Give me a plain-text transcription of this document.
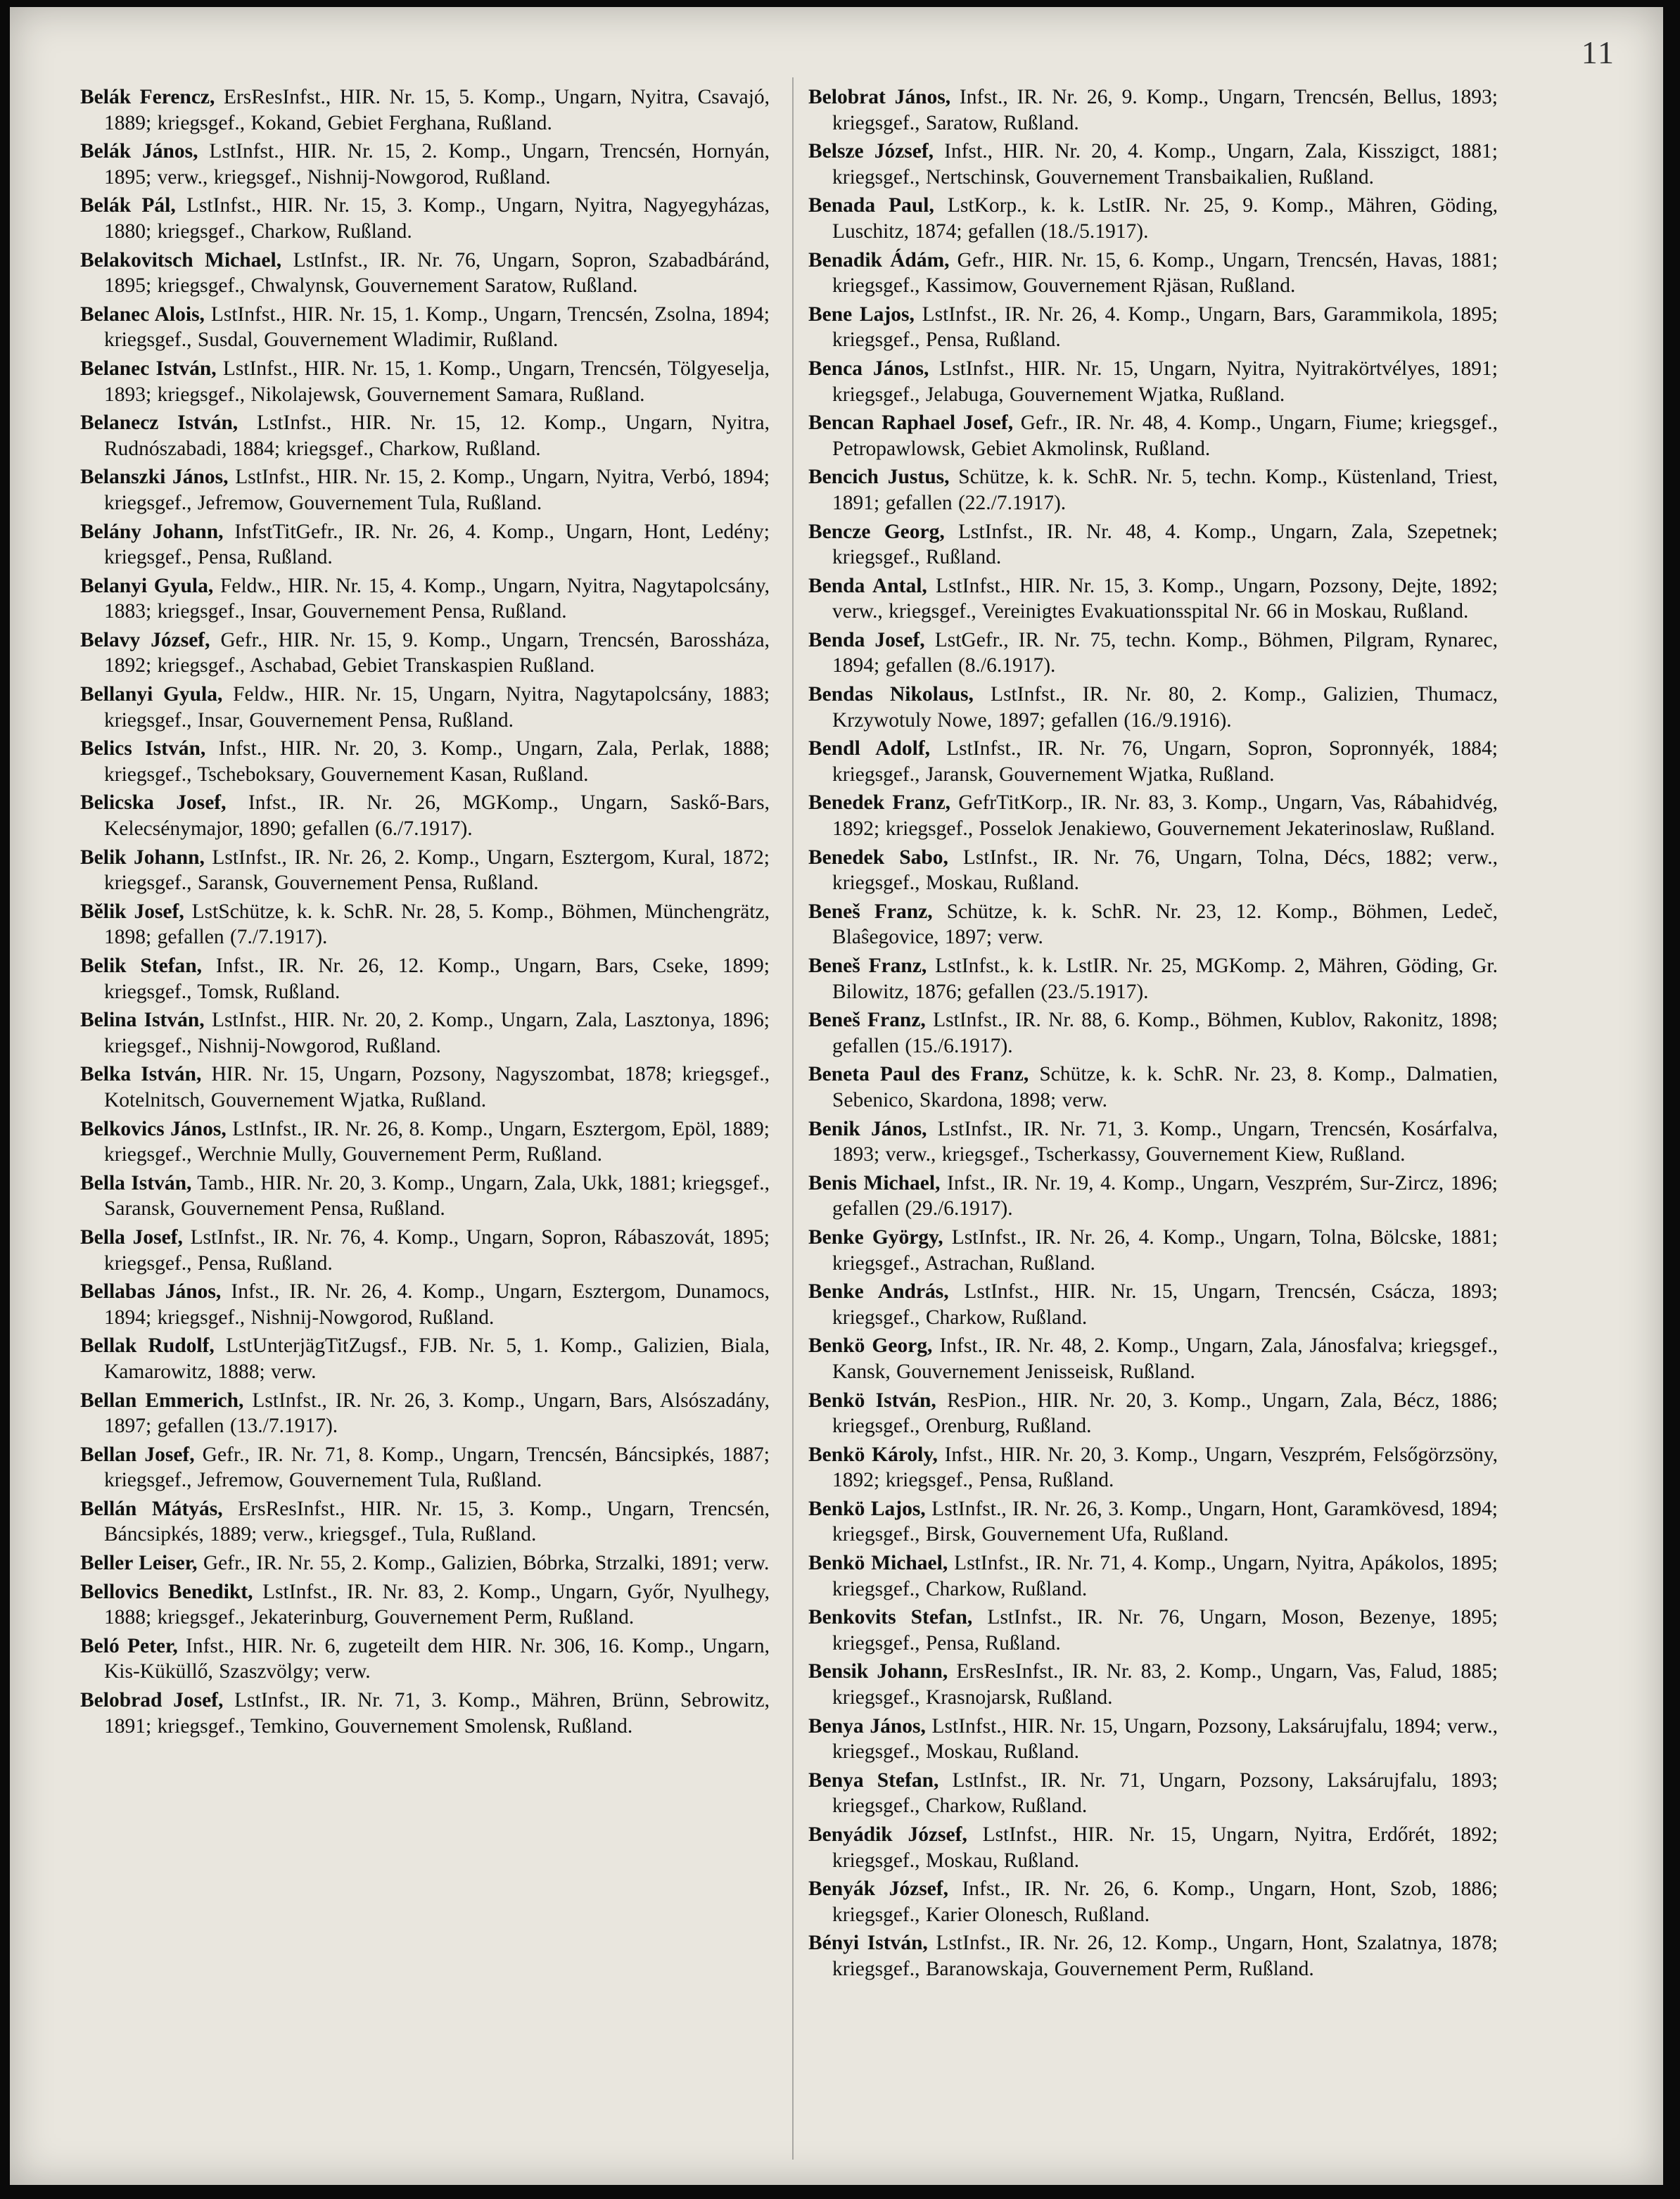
11

Belák Ferencz, ErsResInfst., HIR. Nr. 15, 5. Komp., Ungarn, Nyitra, Csavajó, 1889; kriegsgef., Kokand, Gebiet Ferghana, Rußland.

Belák János, LstInfst., HIR. Nr. 15, 2. Komp., Ungarn, Trencsén, Hornyán, 1895; verw., kriegsgef., Nishnij-Nowgorod, Rußland.

Belák Pál, LstInfst., HIR. Nr. 15, 3. Komp., Ungarn, Nyitra, Nagyegyházas, 1880; kriegsgef., Charkow, Rußland.

Belakovitsch Michael, LstInfst., IR. Nr. 76, Ungarn, Sopron, Szabadbáránd, 1895; kriegsgef., Chwalynsk, Gouvernement Saratow, Rußland.

Belanec Alois, LstInfst., HIR. Nr. 15, 1. Komp., Ungarn, Trencsén, Zsolna, 1894; kriegsgef., Susdal, Gouvernement Wladimir, Rußland.

Belanec István, LstInfst., HIR. Nr. 15, 1. Komp., Ungarn, Trencsén, Tölgyeselja, 1893; kriegsgef., Nikolajewsk, Gouvernement Samara, Rußland.

Belanecz István, LstInfst., HIR. Nr. 15, 12. Komp., Ungarn, Nyitra, Rudnószabadi, 1884; kriegsgef., Charkow, Rußland.

Belanszki János, LstInfst., HIR. Nr. 15, 2. Komp., Ungarn, Nyitra, Verbó, 1894; kriegsgef., Jefremow, Gouvernement Tula, Rußland.

Belány Johann, InfstTitGefr., IR. Nr. 26, 4. Komp., Ungarn, Hont, Ledény; kriegsgef., Pensa, Rußland.

Belanyi Gyula, Feldw., HIR. Nr. 15, 4. Komp., Ungarn, Nyitra, Nagytapolcsány, 1883; kriegsgef., Insar, Gouvernement Pensa, Rußland.

Belavy József, Gefr., HIR. Nr. 15, 9. Komp., Ungarn, Trencsén, Barossháza, 1892; kriegsgef., Aschabad, Gebiet Transkaspien Rußland.

Bellanyi Gyula, Feldw., HIR. Nr. 15, Ungarn, Nyitra, Nagytapolcsány, 1883; kriegsgef., Insar, Gouvernement Pensa, Rußland.

Belics István, Infst., HIR. Nr. 20, 3. Komp., Ungarn, Zala, Perlak, 1888; kriegsgef., Tscheboksary, Gouvernement Kasan, Rußland.

Belicska Josef, Infst., IR. Nr. 26, MGKomp., Ungarn, Saskő-Bars, Kelecsénymajor, 1890; gefallen (6./7.1917).

Belik Johann, LstInfst., IR. Nr. 26, 2. Komp., Ungarn, Esztergom, Kural, 1872; kriegsgef., Saransk, Gouvernement Pensa, Rußland.

Bělik Josef, LstSchütze, k. k. SchR. Nr. 28, 5. Komp., Böhmen, Münchengrätz, 1898; gefallen (7./7.1917).

Belik Stefan, Infst., IR. Nr. 26, 12. Komp., Ungarn, Bars, Cseke, 1899; kriegsgef., Tomsk, Rußland.

Belina István, LstInfst., HIR. Nr. 20, 2. Komp., Ungarn, Zala, Lasztonya, 1896; kriegsgef., Nishnij-Nowgorod, Rußland.

Belka István, HIR. Nr. 15, Ungarn, Pozsony, Nagyszombat, 1878; kriegsgef., Kotelnitsch, Gouvernement Wjatka, Rußland.

Belkovics János, LstInfst., IR. Nr. 26, 8. Komp., Ungarn, Esztergom, Epöl, 1889; kriegsgef., Werchnie Mully, Gouvernement Perm, Rußland.

Bella István, Tamb., HIR. Nr. 20, 3. Komp., Ungarn, Zala, Ukk, 1881; kriegsgef., Saransk, Gouvernement Pensa, Rußland.

Bella Josef, LstInfst., IR. Nr. 76, 4. Komp., Ungarn, Sopron, Rábaszovát, 1895; kriegsgef., Pensa, Rußland.

Bellabas János, Infst., IR. Nr. 26, 4. Komp., Ungarn, Esztergom, Dunamocs, 1894; kriegsgef., Nishnij-Nowgorod, Rußland.

Bellak Rudolf, LstUnterjägTitZugsf., FJB. Nr. 5, 1. Komp., Galizien, Biala, Kamarowitz, 1888; verw.

Bellan Emmerich, LstInfst., IR. Nr. 26, 3. Komp., Ungarn, Bars, Alsószadány, 1897; gefallen (13./7.1917).

Bellan Josef, Gefr., IR. Nr. 71, 8. Komp., Ungarn, Trencsén, Báncsipkés, 1887; kriegsgef., Jefremow, Gouvernement Tula, Rußland.

Bellán Mátyás, ErsResInfst., HIR. Nr. 15, 3. Komp., Ungarn, Trencsén, Báncsipkés, 1889; verw., kriegsgef., Tula, Rußland.

Beller Leiser, Gefr., IR. Nr. 55, 2. Komp., Galizien, Bóbrka, Strzalki, 1891; verw.

Bellovics Benedikt, LstInfst., IR. Nr. 83, 2. Komp., Ungarn, Győr, Nyulhegy, 1888; kriegsgef., Jekaterinburg, Gouvernement Perm, Rußland.

Beló Peter, Infst., HIR. Nr. 6, zugeteilt dem HIR. Nr. 306, 16. Komp., Ungarn, Kis-Küküllő, Szaszvölgy; verw.

Belobrad Josef, LstInfst., IR. Nr. 71, 3. Komp., Mähren, Brünn, Sebrowitz, 1891; kriegsgef., Temkino, Gouvernement Smolensk, Rußland.

Belobrat János, Infst., IR. Nr. 26, 9. Komp., Ungarn, Trencsén, Bellus, 1893; kriegsgef., Saratow, Rußland.

Belsze József, Infst., HIR. Nr. 20, 4. Komp., Ungarn, Zala, Kisszigct, 1881; kriegsgef., Nertschinsk, Gouvernement Transbaikalien, Rußland.

Benada Paul, LstKorp., k. k. LstIR. Nr. 25, 9. Komp., Mähren, Göding, Luschitz, 1874; gefallen (18./5.1917).

Benadik Ádám, Gefr., HIR. Nr. 15, 6. Komp., Ungarn, Trencsén, Havas, 1881; kriegsgef., Kassimow, Gouvernement Rjäsan, Rußland.

Bene Lajos, LstInfst., IR. Nr. 26, 4. Komp., Ungarn, Bars, Garammikola, 1895; kriegsgef., Pensa, Rußland.

Benca János, LstInfst., HIR. Nr. 15, Ungarn, Nyitra, Nyitrakörtvélyes, 1891; kriegsgef., Jelabuga, Gouvernement Wjatka, Rußland.

Bencan Raphael Josef, Gefr., IR. Nr. 48, 4. Komp., Ungarn, Fiume; kriegsgef., Petropawlowsk, Gebiet Akmolinsk, Rußland.

Bencich Justus, Schütze, k. k. SchR. Nr. 5, techn. Komp., Küstenland, Triest, 1891; gefallen (22./7.1917).

Bencze Georg, LstInfst., IR. Nr. 48, 4. Komp., Ungarn, Zala, Szepetnek; kriegsgef., Rußland.

Benda Antal, LstInfst., HIR. Nr. 15, 3. Komp., Ungarn, Pozsony, Dejte, 1892; verw., kriegsgef., Vereinigtes Evakuationsspital Nr. 66 in Moskau, Rußland.

Benda Josef, LstGefr., IR. Nr. 75, techn. Komp., Böhmen, Pilgram, Rynarec, 1894; gefallen (8./6.1917).

Bendas Nikolaus, LstInfst., IR. Nr. 80, 2. Komp., Galizien, Thumacz, Krzywotuly Nowe, 1897; gefallen (16./9.1916).

Bendl Adolf, LstInfst., IR. Nr. 76, Ungarn, Sopron, Sopronnyék, 1884; kriegsgef., Jaransk, Gouvernement Wjatka, Rußland.

Benedek Franz, GefrTitKorp., IR. Nr. 83, 3. Komp., Ungarn, Vas, Rábahidvég, 1892; kriegsgef., Posselok Jenakiewo, Gouvernement Jekaterinoslaw, Rußland.

Benedek Sabo, LstInfst., IR. Nr. 76, Ungarn, Tolna, Décs, 1882; verw., kriegsgef., Moskau, Rußland.

Beneš Franz, Schütze, k. k. SchR. Nr. 23, 12. Komp., Böhmen, Ledeč, Blaŝegovice, 1897; verw.

Beneš Franz, LstInfst., k. k. LstIR. Nr. 25, MGKomp. 2, Mähren, Göding, Gr. Bilowitz, 1876; gefallen (23./5.1917).

Beneš Franz, LstInfst., IR. Nr. 88, 6. Komp., Böhmen, Kublov, Rakonitz, 1898; gefallen (15./6.1917).

Beneta Paul des Franz, Schütze, k. k. SchR. Nr. 23, 8. Komp., Dalmatien, Sebenico, Skardona, 1898; verw.

Benik János, LstInfst., IR. Nr. 71, 3. Komp., Ungarn, Trencsén, Kosárfalva, 1893; verw., kriegsgef., Tscherkassy, Gouvernement Kiew, Rußland.

Benis Michael, Infst., IR. Nr. 19, 4. Komp., Ungarn, Veszprém, Sur-Zircz, 1896; gefallen (29./6.1917).

Benke György, LstInfst., IR. Nr. 26, 4. Komp., Ungarn, Tolna, Bölcske, 1881; kriegsgef., Astrachan, Rußland.

Benke András, LstInfst., HIR. Nr. 15, Ungarn, Trencsén, Csácza, 1893; kriegsgef., Charkow, Rußland.

Benkö Georg, Infst., IR. Nr. 48, 2. Komp., Ungarn, Zala, Jánosfalva; kriegsgef., Kansk, Gouvernement Jenisseisk, Rußland.

Benkö István, ResPion., HIR. Nr. 20, 3. Komp., Ungarn, Zala, Bécz, 1886; kriegsgef., Orenburg, Rußland.

Benkö Károly, Infst., HIR. Nr. 20, 3. Komp., Ungarn, Veszprém, Felsőgörzsöny, 1892; kriegsgef., Pensa, Rußland.

Benkö Lajos, LstInfst., IR. Nr. 26, 3. Komp., Ungarn, Hont, Garamkövesd, 1894; kriegsgef., Birsk, Gouvernement Ufa, Rußland.

Benkö Michael, LstInfst., IR. Nr. 71, 4. Komp., Ungarn, Nyitra, Apákolos, 1895; kriegsgef., Charkow, Rußland.

Benkovits Stefan, LstInfst., IR. Nr. 76, Ungarn, Moson, Bezenye, 1895; kriegsgef., Pensa, Rußland.

Bensik Johann, ErsResInfst., IR. Nr. 83, 2. Komp., Ungarn, Vas, Falud, 1885; kriegsgef., Krasnojarsk, Rußland.

Benya János, LstInfst., HIR. Nr. 15, Ungarn, Pozsony, Laksárujfalu, 1894; verw., kriegsgef., Moskau, Rußland.

Benya Stefan, LstInfst., IR. Nr. 71, Ungarn, Pozsony, Laksárujfalu, 1893; kriegsgef., Charkow, Rußland.

Benyádik József, LstInfst., HIR. Nr. 15, Ungarn, Nyitra, Erdőrét, 1892; kriegsgef., Moskau, Rußland.

Benyák József, Infst., IR. Nr. 26, 6. Komp., Ungarn, Hont, Szob, 1886; kriegsgef., Karier Olonesch, Rußland.

Bényi István, LstInfst., IR. Nr. 26, 12. Komp., Ungarn, Hont, Szalatnya, 1878; kriegsgef., Baranowskaja, Gouvernement Perm, Rußland.
